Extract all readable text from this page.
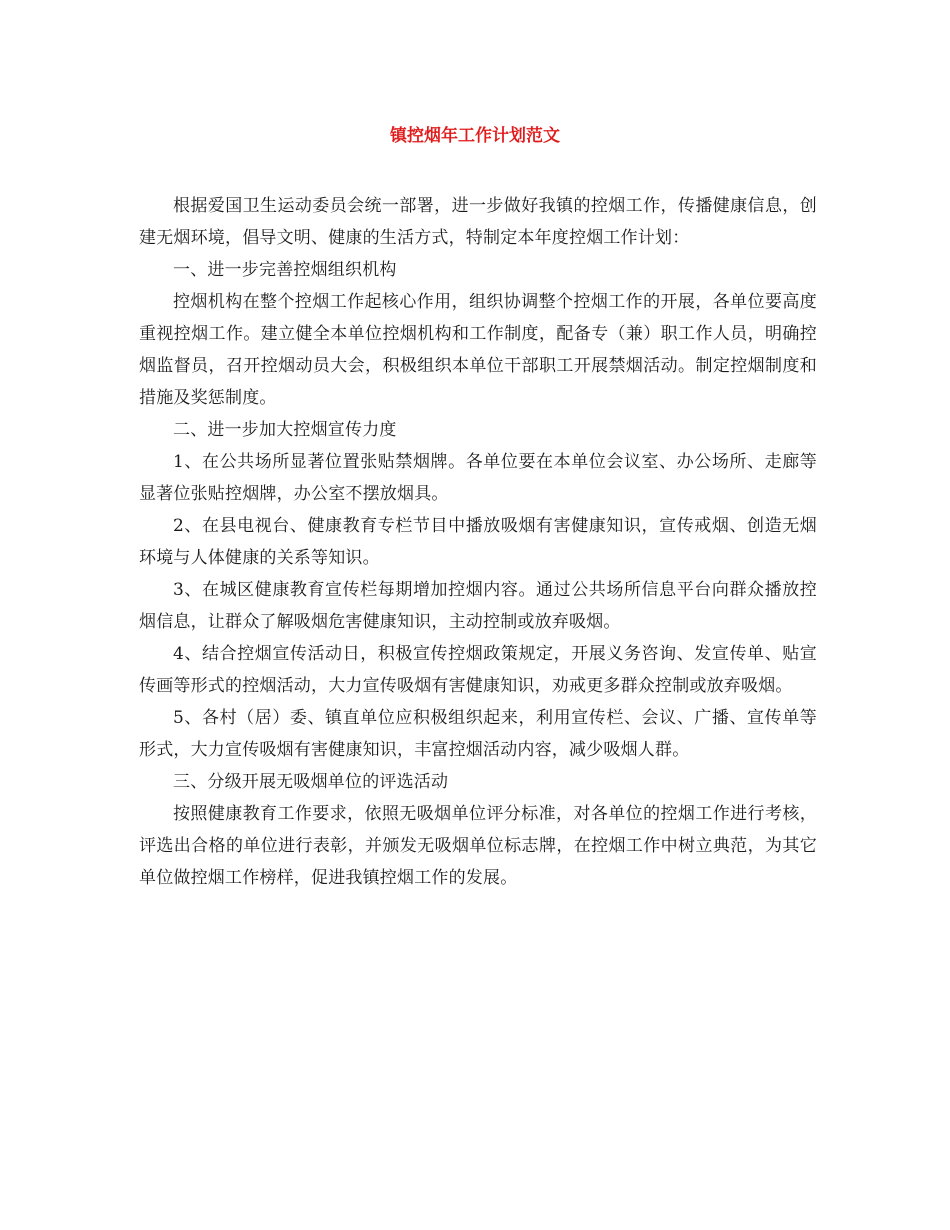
镇控烟年工作计划范文

根据爱国卫生运动委员会统一部署，进一步做好我镇的控烟工作，传播健康信息，创建无烟环境，倡导文明、健康的生活方式，特制定本年度控烟工作计划：

一、进一步完善控烟组织机构

控烟机构在整个控烟工作起核心作用，组织协调整个控烟工作的开展，各单位要高度重视控烟工作。建立健全本单位控烟机构和工作制度，配备专（兼）职工作人员，明确控烟监督员，召开控烟动员大会，积极组织本单位干部职工开展禁烟活动。制定控烟制度和措施及奖惩制度。

二、进一步加大控烟宣传力度

1、在公共场所显著位置张贴禁烟牌。各单位要在本单位会议室、办公场所、走廊等显著位张贴控烟牌，办公室不摆放烟具。

2、在县电视台、健康教育专栏节目中播放吸烟有害健康知识，宣传戒烟、创造无烟环境与人体健康的关系等知识。

3、在城区健康教育宣传栏每期增加控烟内容。通过公共场所信息平台向群众播放控烟信息，让群众了解吸烟危害健康知识，主动控制或放弃吸烟。

4、结合控烟宣传活动日，积极宣传控烟政策规定，开展义务咨询、发宣传单、贴宣传画等形式的控烟活动，大力宣传吸烟有害健康知识，劝戒更多群众控制或放弃吸烟。

5、各村（居）委、镇直单位应积极组织起来，利用宣传栏、会议、广播、宣传单等形式，大力宣传吸烟有害健康知识，丰富控烟活动内容，减少吸烟人群。

三、分级开展无吸烟单位的评选活动

按照健康教育工作要求，依照无吸烟单位评分标准，对各单位的控烟工作进行考核，评选出合格的单位进行表彰，并颁发无吸烟单位标志牌，在控烟工作中树立典范，为其它单位做控烟工作榜样，促进我镇控烟工作的发展。
